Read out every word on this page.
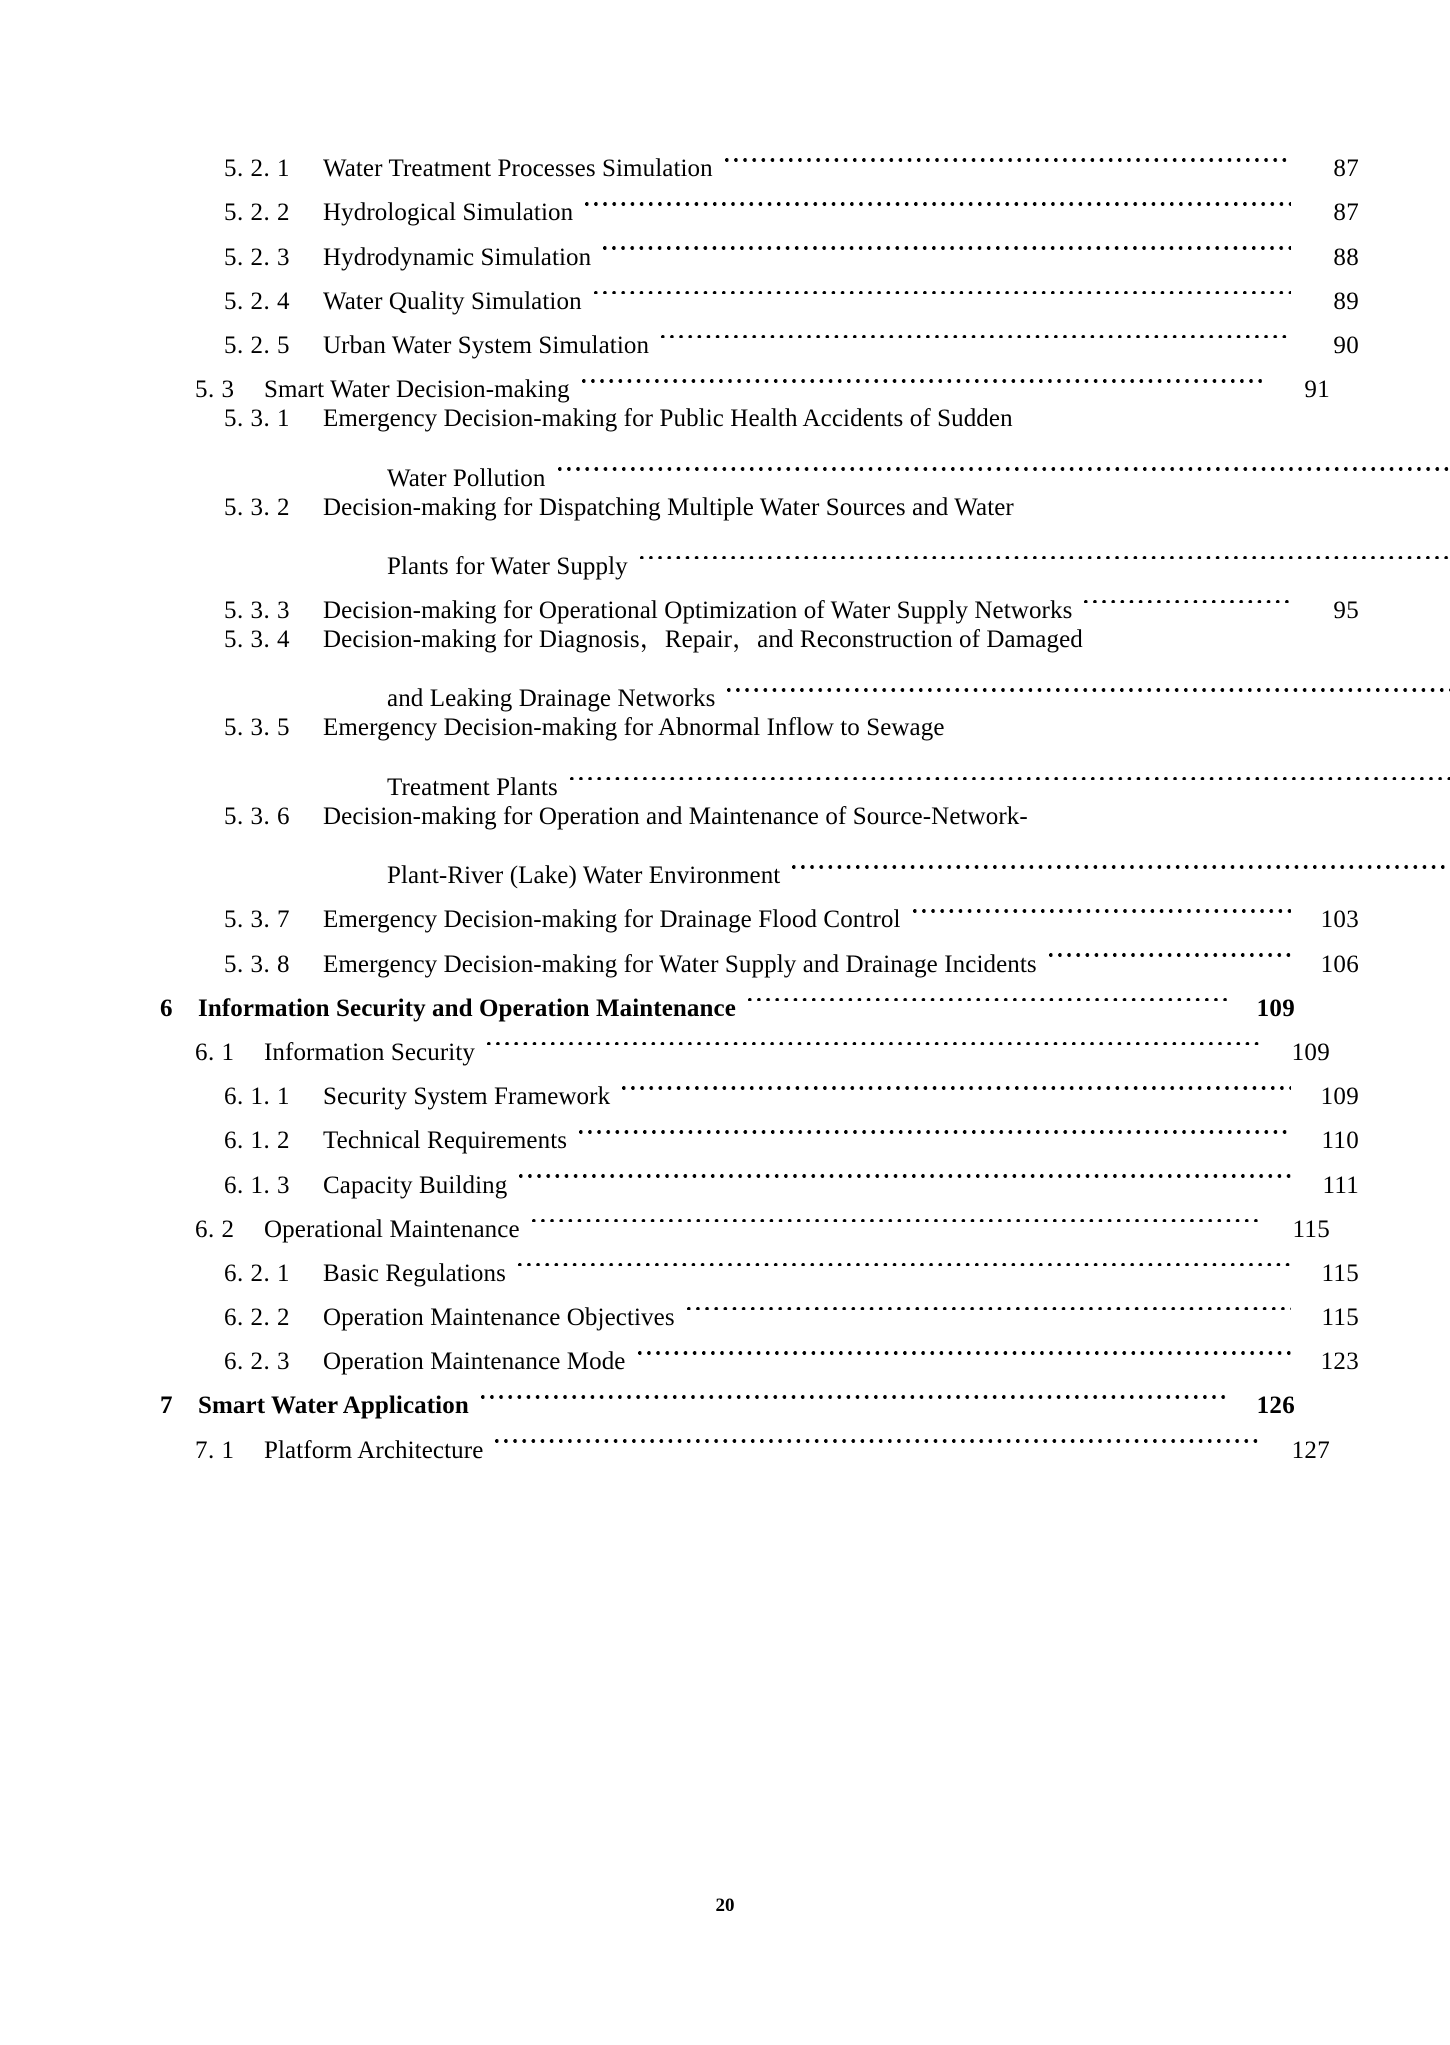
5. 2. 1	Water Treatment Processes Simulation	87
5. 2. 2	Hydrological Simulation	87
5. 2. 3	Hydrodynamic Simulation	88
5. 2. 4	Water Quality Simulation	89
5. 2. 5	Urban Water System Simulation	90
5. 3	Smart Water Decision-making	91
5. 3. 1	Emergency Decision-making for Public Health Accidents of Sudden
Water Pollution
5. 3. 2	Decision-making for Dispatching Multiple Water Sources and Water
Plants for Water Supply
5. 3. 3	Decision-making for Operational Optimization of Water Supply Networks	95
5. 3. 4	Decision-making for Diagnosis，Repair，and Reconstruction of Damaged
and Leaking Drainage Networks
5. 3. 5	Emergency Decision-making for Abnormal Inflow to Sewage
Treatment Plants
5. 3. 6	Decision-making for Operation and Maintenance of Source-Network-
Plant-River (Lake) Water Environment
5. 3. 7	Emergency Decision-making for Drainage Flood Control	103
5. 3. 8	Emergency Decision-making for Water Supply and Drainage Incidents	106
6	Information Security and Operation Maintenance	109
6. 1	Information Security	109
6. 1. 1	Security System Framework	109
6. 1. 2	Technical Requirements	110
6. 1. 3	Capacity Building	111
6. 2	Operational Maintenance	115
6. 2. 1	Basic Regulations	115
6. 2. 2	Operation Maintenance Objectives	115
6. 2. 3	Operation Maintenance Mode	123
7	Smart Water Application	126
7. 1	Platform Architecture	127
20
